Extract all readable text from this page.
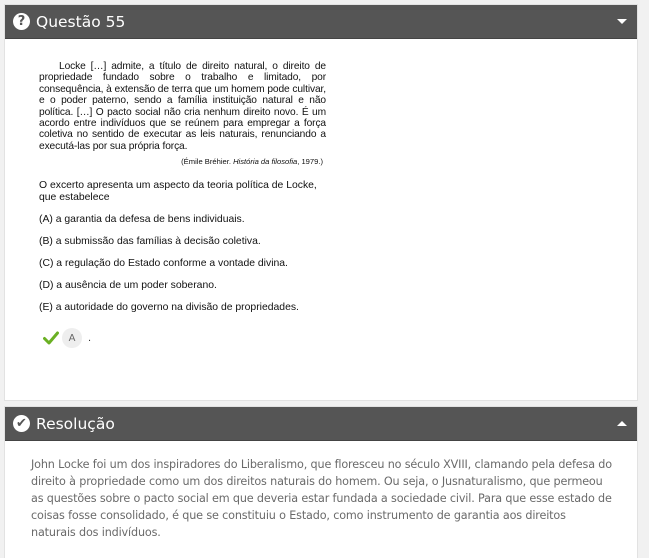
? Questão 55

Locke […] admite, a título de direito natural, o direito de propriedade fundado sobre o trabalho e limitado, por consequência, à extensão de terra que um homem pode cultivar, e o poder paterno, sendo a família instituição natural e não política. […] O pacto social não cria nenhum direito novo. É um acordo entre indivíduos que se reúnem para empregar a força coletiva no sentido de executar as leis naturais, renunciando a executá-las por sua própria força.

(Émile Bréhier. História da filosofia, 1979.)

O excerto apresenta um aspecto da teoria política de Locke, que estabelece

(A) a garantia da defesa de bens individuais.

(B) a submissão das famílias à decisão coletiva.

(C) a regulação do Estado conforme a vontade divina.

(D) a ausência de um poder soberano.

(E) a autoridade do governo na divisão de propriedades.

A	.
✔ Resolução
John Locke foi um dos inspiradores do Liberalismo, que floresceu no século XVIII, clamando pela defesa do direito à propriedade como um dos direitos naturais do homem. Ou seja, o Jusnaturalismo, que permeou as questões sobre o pacto social em que deveria estar fundada a sociedade civil. Para que esse estado de coisas fosse consolidado, é que se constituiu o Estado, como instrumento de garantia aos direitos naturais dos indivíduos.
